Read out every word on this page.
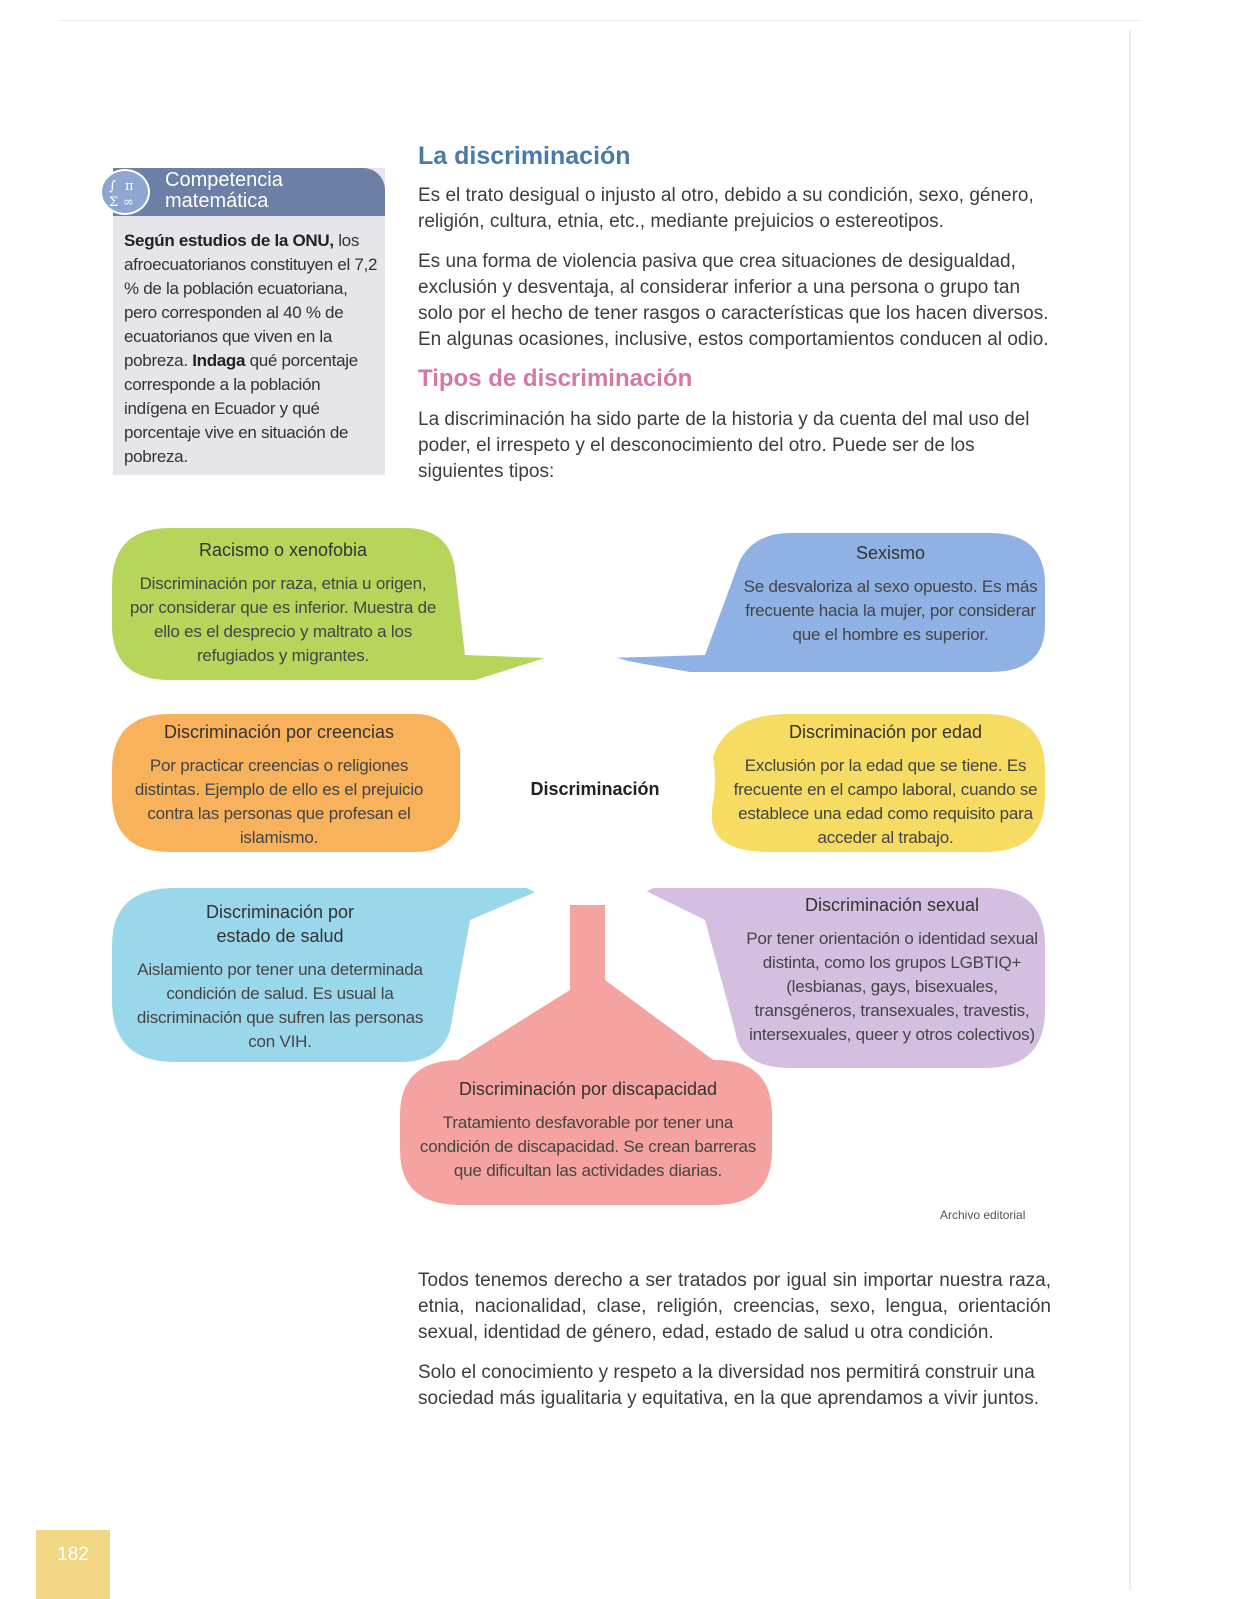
∫ π
Σ ∞
Competencia
matemática
Según estudios de la ONU, los afroecuatorianos constituyen el 7,2 % de la población ecuatoriana, pero corresponden al 40 % de ecuatorianos que viven en la pobreza. Indaga qué porcentaje corresponde a la población indígena en Ecuador y qué porcentaje vive en situación de pobreza.
La discriminación
Es el trato desigual o injusto al otro, debido a su condición, sexo, género, religión, cultura, etnia, etc., mediante prejuicios o estereotipos.
Es una forma de violencia pasiva que crea situaciones de desigualdad, exclusión y desventaja, al considerar inferior a una persona o grupo tan solo por el hecho de tener rasgos o características que los hacen diversos. En algunas ocasiones, inclusive, estos comportamientos conducen al odio.
Tipos de discriminación
La discriminación ha sido parte de la historia y da cuenta del mal uso del poder, el irrespeto y el desconocimiento del otro. Puede ser de los siguientes tipos:
Discriminación
Racismo o xenofobia
Discriminación por raza, etnia u origen, por considerar que es inferior. Muestra de ello es el desprecio y maltrato a los refugiados y migrantes.
Sexismo
Se desvaloriza al sexo opuesto. Es más frecuente hacia la mujer, por considerar que el hombre es superior.
Discriminación por creencias
Por practicar creencias o religiones distintas. Ejemplo de ello es el prejuicio contra las personas que profesan el islamismo.
Discriminación por edad
Exclusión por la edad que se tiene. Es frecuente en el campo laboral, cuando se establece una edad como requisito para acceder al trabajo.
Discriminación por estado de salud
Aislamiento por tener una determinada condición de salud. Es usual la discriminación que sufren las personas con VIH.
Discriminación sexual
Por tener orientación o identidad sexual distinta, como los grupos LGBTIQ+ (lesbianas, gays, bisexuales, transgéneros, transexuales, travestis, intersexuales, queer y otros colectivos)
Discriminación por discapacidad
Tratamiento desfavorable por tener una condición de discapacidad. Se crean barreras que dificultan las actividades diarias.
Archivo editorial
Todos tenemos derecho a ser tratados por igual sin importar nuestra raza, etnia, nacionalidad, clase, religión, creencias, sexo, lengua, orientación sexual, identidad de género, edad, estado de salud u otra condición.
Solo el conocimiento y respeto a la diversidad nos permitirá construir una sociedad más igualitaria y equitativa, en la que aprendamos a vivir juntos.
182
